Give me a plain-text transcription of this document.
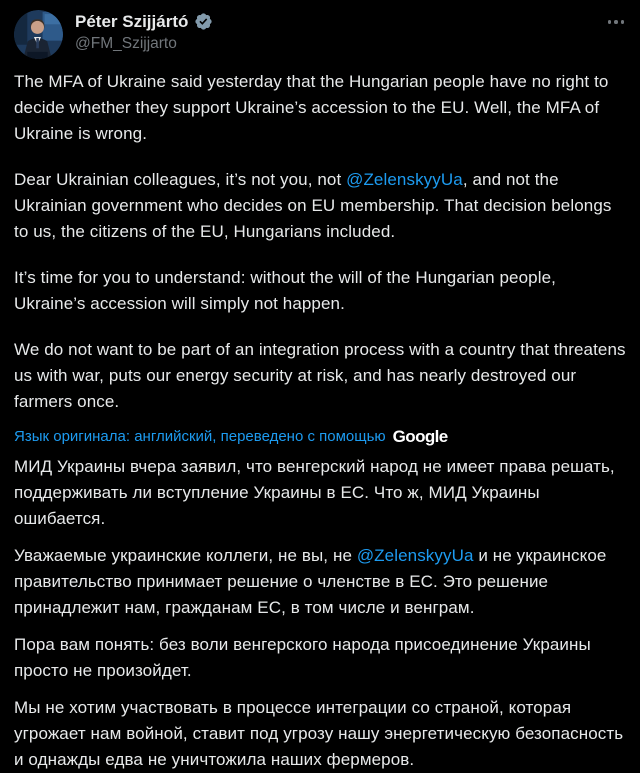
Péter Szijjártó
@FM_Szijjarto

The MFA of Ukraine said yesterday that the Hungarian people have no right to decide whether they support Ukraine’s accession to the EU. Well, the MFA of Ukraine is wrong.

Dear Ukrainian colleagues, it’s not you, not @ZelenskyyUa, and not the Ukrainian government who decides on EU membership. That decision belongs to us, the citizens of the EU, Hungarians included.

It’s time for you to understand: without the will of the Hungarian people, Ukraine’s accession will simply not happen.

We do not want to be part of an integration process with a country that threatens us with war, puts our energy security at risk, and has nearly destroyed our farmers once.

Язык оригинала: английский, переведено с помощью Google

МИД Украины вчера заявил, что венгерский народ не имеет права решать, поддерживать ли вступление Украины в ЕС. Что ж, МИД Украины ошибается.

Уважаемые украинские коллеги, не вы, не @ZelenskyyUa и не украинское правительство принимает решение о членстве в ЕС. Это решение принадлежит нам, гражданам ЕС, в том числе и венграм.

Пора вам понять: без воли венгерского народа присоединение Украины просто не произойдет.

Мы не хотим участвовать в процессе интеграции со страной, которая угрожает нам войной, ставит под угрозу нашу энергетическую безопасность и однажды едва не уничтожила наших фермеров.
